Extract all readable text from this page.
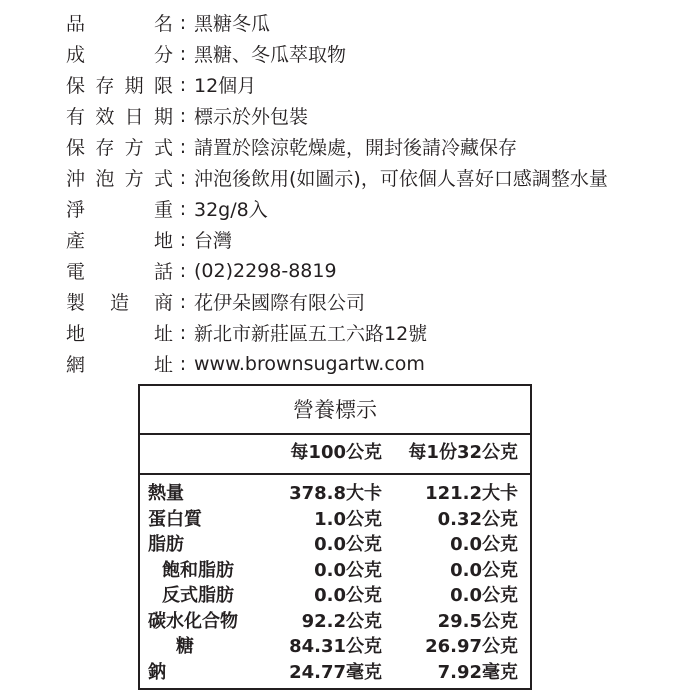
品	名 : 黑糖冬瓜
成	分 : 黑糖、冬瓜萃取物
保 存 期 限 : 12個月
有 效 日 期 : 標示於外包裝
保 存 方 式 : 請置於陰涼乾燥處，開封後請冷藏保存
沖 泡 方 式 : 沖泡後飲用(如圖示)，可依個人喜好口感調整水量
淨	重 : 32g/8入
產	地 : 台灣
電	話 : (02)2298-8819
製 造 商 : 花伊朵國際有限公司
地	址 : 新北市新莊區五工六路12號
網	址 : www.brownsugartw.com
營養標示
每100公克 每1份32公克
熱量	378.8大卡 121.2大卡
蛋白質	1.0公克	0.32公克
脂肪	0.0公克	0.0公克
飽和脂肪	0.0公克	0.0公克
反式脂肪	0.0公克	0.0公克
碳水化合物	92.2公克	29.5公克
糖	84.31公克 26.97公克
鈉	24.77毫克	7.92毫克
